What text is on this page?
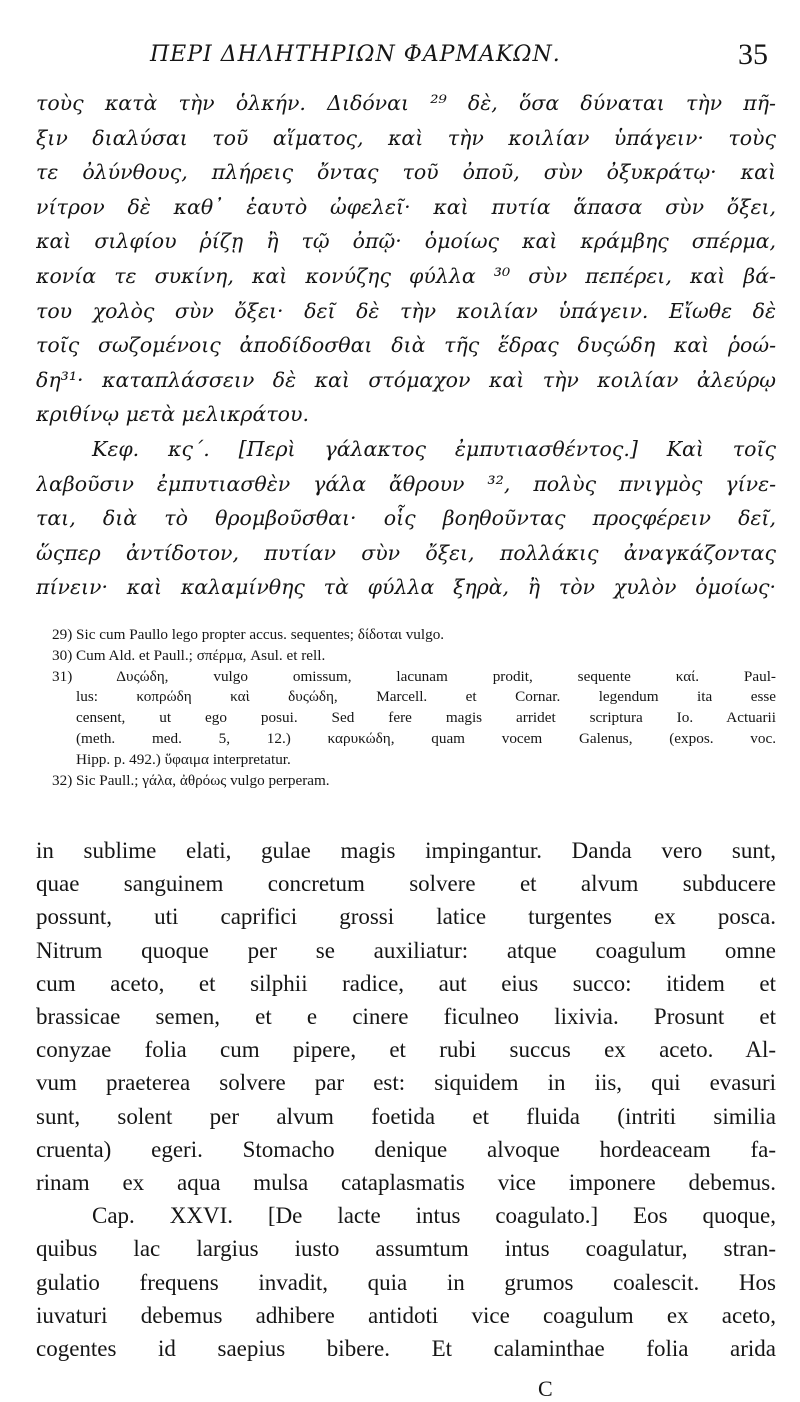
ΠΕΡΙ ΔΗΛΗΤΗΡΙΩΝ ΦΑΡΜΑΚΩΝ.	35
τοὺς κατὰ τὴν ὁλκήν. Διδόναι ²⁹ δὲ, ὅσα δύναται τὴν πῆ-
ξιν διαλύσαι τοῦ αἵματος, καὶ τὴν κοιλίαν ὑπάγειν· τοὺς
τε ὀλύνθους, πλήρεις ὄντας τοῦ ὀποῦ, σὺν ὀξυκράτῳ· καὶ
νίτρον δὲ καθ᾿ ἑαυτὸ ὠφελεῖ· καὶ πυτία ἅπασα σὺν ὄξει,
καὶ σιλφίου ῥίζῃ ἢ τῷ ὀπῷ· ὁμοίως καὶ κράμβης σπέρμα,
κονία τε συκίνη, καὶ κονύζης φύλλα ³⁰ σὺν πεπέρει, καὶ βά-
του χολὸς σὺν ὄξει· δεῖ δὲ τὴν κοιλίαν ὑπάγειν. Εἴωθε δὲ
τοῖς σωζομένοις ἀποδίδοσθαι διὰ τῆς ἕδρας δυςώδη καὶ ῥοώ-
δη³¹· καταπλάσσειν δὲ καὶ στόμαχον καὶ τὴν κοιλίαν ἀλεύρῳ
κριθίνῳ μετὰ μελικράτου.
Κεφ. κς΄. [Περὶ γάλακτος ἐμπυτιασθέντος.] Καὶ τοῖς
λαβοῦσιν ἐμπυτιασθὲν γάλα ἄθρουν ³², πολὺς πνιγμὸς γίνε-
ται, διὰ τὸ θρομβοῦσθαι· οἷς βοηθοῦντας προςφέρειν δεῖ,
ὥςπερ ἀντίδοτον, πυτίαν σὺν ὄξει, πολλάκις ἀναγκάζοντας
πίνειν· καὶ καλαμίνθης τὰ φύλλα ξηρὰ, ἢ τὸν χυλὸν ὁμοίως·
29) Sic cum Paullo lego propter accus. sequentes; δίδοται vulgo.
30) Cum Ald. et Paull.; σπέρμα, Asul. et rell.
31) Δυςώδη, vulgo omissum, lacunam prodit, sequente καί. Paul-
lus: κοπρώδη καὶ δυςώδη, Marcell. et Cornar. legendum ita esse
censent, ut ego posui. Sed fere magis arridet scriptura Io. Actuarii
(meth. med. 5, 12.) καρυκώδη, quam vocem Galenus, (expos. voc.
Hipp. p. 492.) ὕφαιμα interpretatur.
32) Sic Paull.; γάλα, ἀθρόως vulgo perperam.
in sublime elati, gulae magis impingantur. Danda vero sunt,
quae sanguinem concretum solvere et alvum subducere
possunt, uti caprifici grossi latice turgentes ex posca.
Nitrum quoque per se auxiliatur: atque coagulum omne
cum aceto, et silphii radice, aut eius succo: itidem et
brassicae semen, et e cinere ficulneo lixivia. Prosunt et
conyzae folia cum pipere, et rubi succus ex aceto. Al-
vum praeterea solvere par est: siquidem in iis, qui evasuri
sunt, solent per alvum foetida et fluida (intriti similia
cruenta) egeri. Stomacho denique alvoque hordeaceam fa-
rinam ex aqua mulsa cataplasmatis vice imponere debemus.
Cap. XXVI. [De lacte intus coagulato.] Eos quoque,
quibus lac largius iusto assumtum intus coagulatur, stran-
gulatio frequens invadit, quia in grumos coalescit. Hos
iuvaturi debemus adhibere antidoti vice coagulum ex aceto,
cogentes id saepius bibere. Et calaminthae folia arida
C
